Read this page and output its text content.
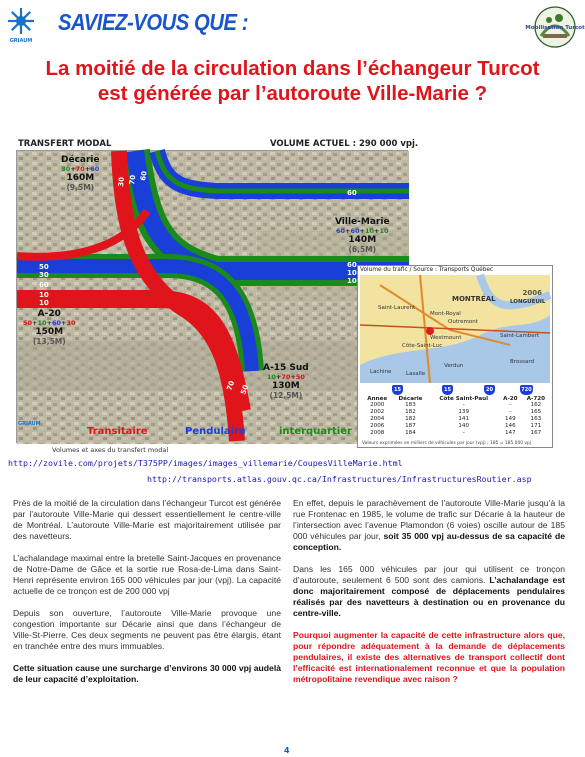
GRIAUM
SAVIEZ-VOUS QUE :	Mobilisation Turcot
La moitié de la circulation dans l’échangeur Turcot
est générée par l’autoroute Ville-Marie ?
TRANSFERT MODAL	VOLUME ACTUEL : 290 000 vpj.
60
70
30
60
60
10
10
50
30
60
10
10
70 50
Décarie
30+70+60
160M
(9,5M)
Ville-Marie
60+60+10+10
140M
(6,5M)
A-20
50+10+60+30
150M
(13,5M)
A-15 Sud
10+70+50
130M
(12,5M)
Transitaire	Pendulaire	interquartier
GRIAUM
Volumes et axes du transfert modal
Volume du trafic / Source : Transports Québec
MONTRÉAL	LONGUEUIL
Saint-Laurent
Verdun
Lachine
Brossard
Mont-Royal
Outremont
Westmount
Côte-Saint-Luc
Saint-Lambert
Lasalle
2006
15	15	20	720
Année	Décarie	Côte Saint-Paul	A-20	A-720
2000	183	-	-	162
2002	182	139	-	165
2004	182	141	149	163
2006	187	140	146	171
2008	184	-	147	167
Valeurs exprimées en milliers de véhicules par jour (vpj) ; 185 = 185 000 vpj
http://zovile.com/projets/T375PP/images/images_villemarie/CoupesVilleMarie.html
http://transports.atlas.gouv.qc.ca/Infrastructures/InfrastructuresRoutier.asp

Près de la moitié de la circulation dans l’échangeur Turcot est générée par l’autoroute Ville-Marie qui dessert essentiellement le centre-ville de Montréal. L’autoroute Ville-Marie est majoritairement utilisée par des navetteurs.

L’achalandage maximal entre la bretelle Saint-Jacques en provenance de Notre-Dame de Gâce et la sortie rue Rosa-de-Lima dans Saint-Henri représente environ 165 000 véhicules par jour (vpj). La capacité actuelle de ce tronçon est de 200 000 vpj

Depuis son ouverture, l’autoroute Ville-Marie provoque une congestion importante sur Décarie ainsi que dans l’échangeur de Ville-St-Pierre. Ces deux segments ne peuvent pas être élargis, étant en tranchée entre des murs immuables.

Cette situation cause une surcharge d’environs 30 000 vpj audelà de leur capacité d’exploitation.

En effet, depuis le parachèvement de l’autoroute Ville-Marie jusqu’à la rue Frontenac en 1985, le volume de trafic sur Décarie à la hauteur de l’intersection avec l’avenue Plamondon (6 voies) oscille autour de 185 000 véhicules par jour, soit 35 000 vpj au-dessus de sa capacité de conception.

Dans les 165 000 véhicules par jour qui utilisent ce tronçon d’autoroute, seulement 6 500 sont des camions. L’achalandage est donc majoritairement composé de déplacements pendulaires réalisés par des navetteurs à destination ou en provenance du centre-ville.

Pourquoi augmenter la capacité de cette infrastructure alors que, pour répondre adéquatement à la demande de déplacements pendulaires, il existe des alternatives de transport collectif dont l’efficacité est internationalement reconnue et que la population métropolitaine revendique avec raison ?

4
